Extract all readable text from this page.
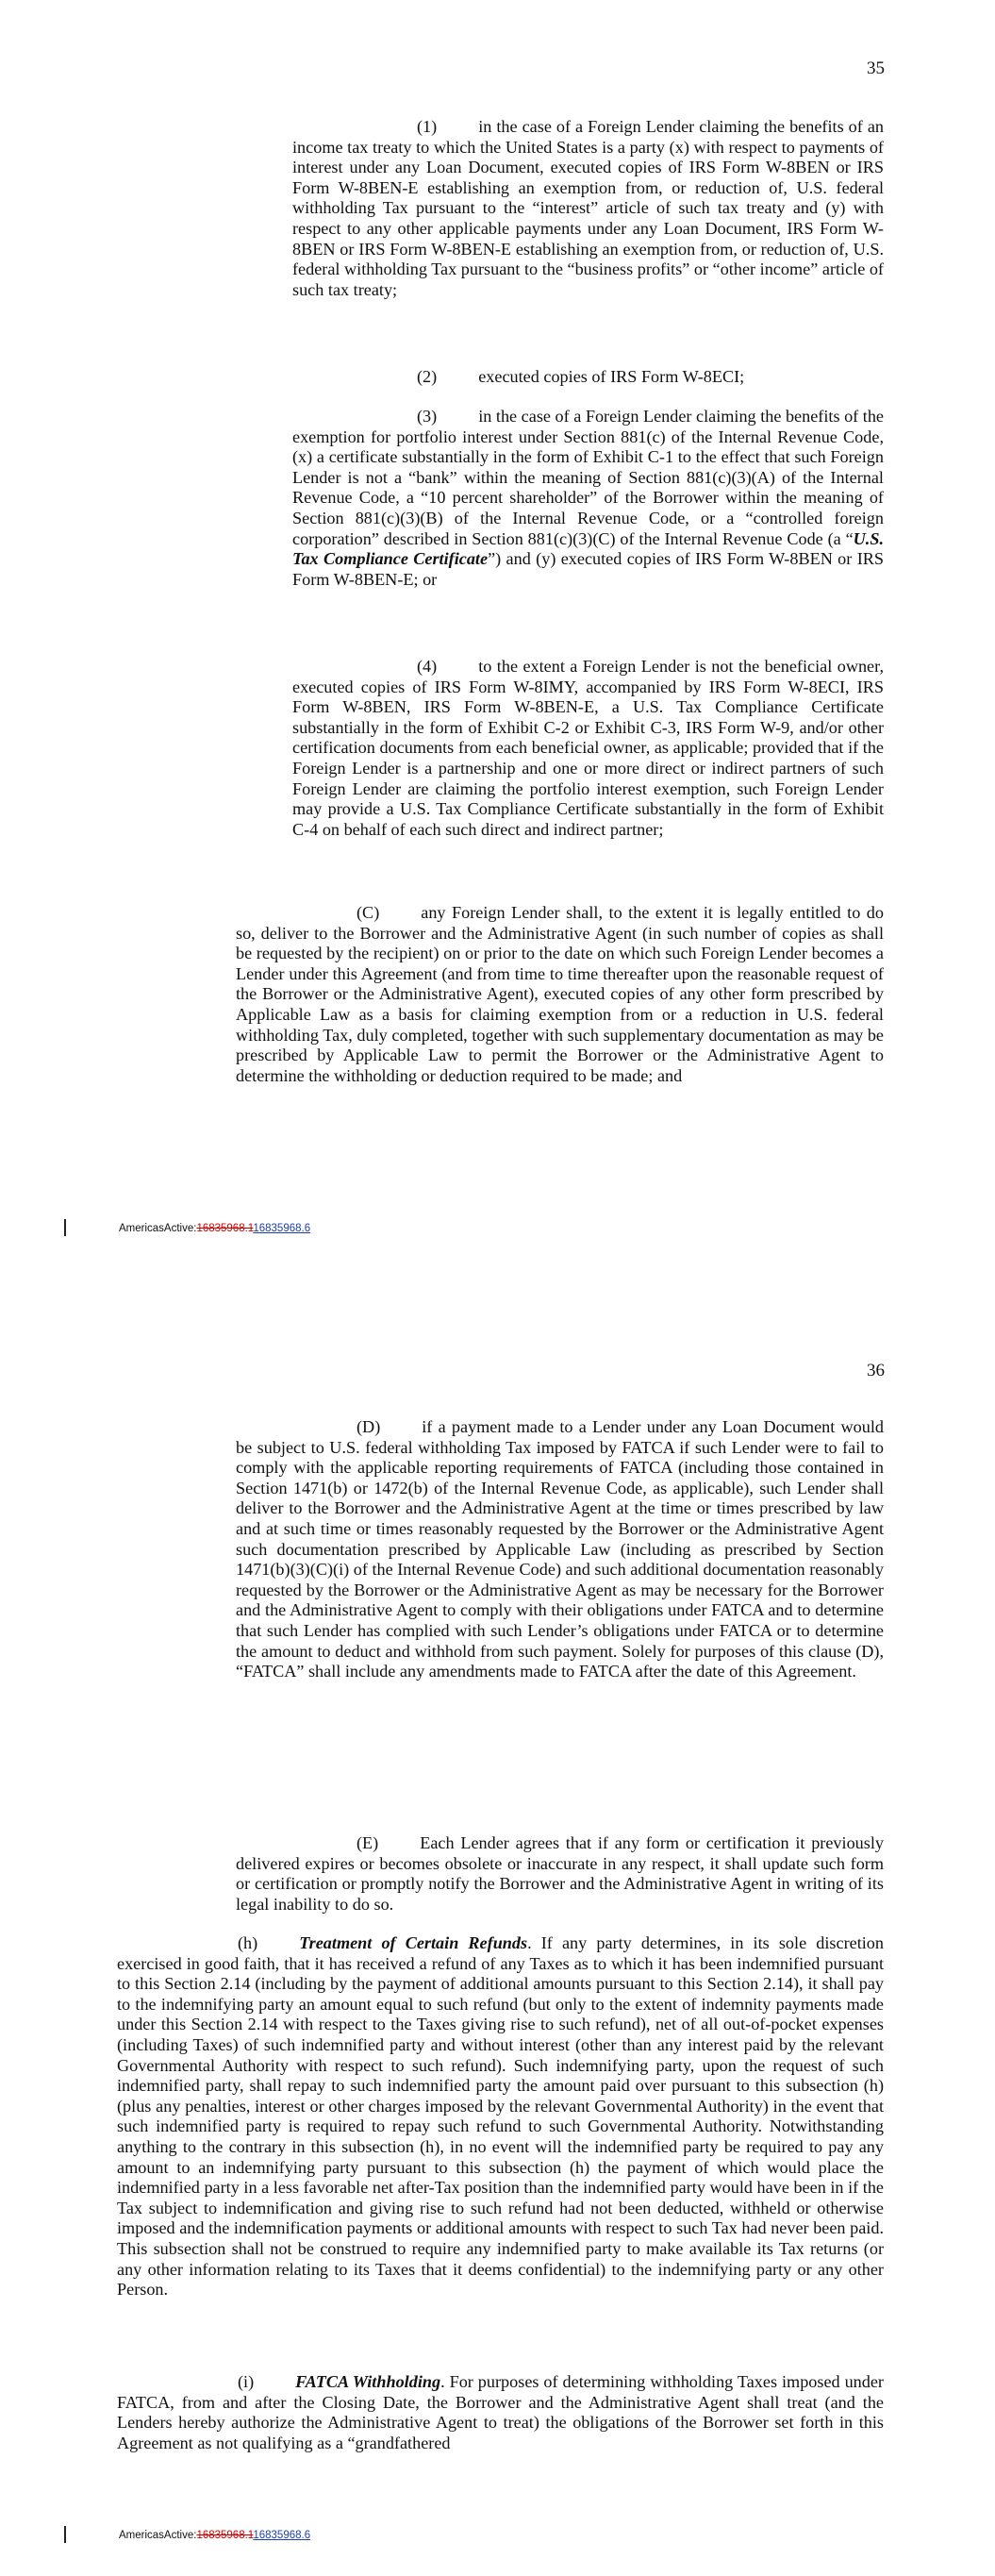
35

(1) in the case of a Foreign Lender claiming the benefits of an income tax treaty to which the United States is a party (x) with respect to payments of interest under any Loan Document, executed copies of IRS Form W-8BEN or IRS Form W-8BEN-E establishing an exemption from, or reduction of, U.S. federal withholding Tax pursuant to the “interest” article of such tax treaty and (y) with respect to any other applicable payments under any Loan Document, IRS Form W-8BEN or IRS Form W-8BEN-E establishing an exemption from, or reduction of, U.S. federal withholding Tax pursuant to the “business profits” or “other income” article of such tax treaty;

(2) executed copies of IRS Form W-8ECI;

(3) in the case of a Foreign Lender claiming the benefits of the exemption for portfolio interest under Section 881(c) of the Internal Revenue Code, (x) a certificate substantially in the form of Exhibit C-1 to the effect that such Foreign Lender is not a “bank” within the meaning of Section 881(c)(3)(A) of the Internal Revenue Code, a “10 percent shareholder” of the Borrower within the meaning of Section 881(c)(3)(B) of the Internal Revenue Code, or a “controlled foreign corporation” described in Section 881(c)(3)(C) of the Internal Revenue Code (a “U.S. Tax Compliance Certificate”) and (y) executed copies of IRS Form W-8BEN or IRS Form W-8BEN-E; or

(4) to the extent a Foreign Lender is not the beneficial owner, executed copies of IRS Form W-8IMY, accompanied by IRS Form W-8ECI, IRS Form W-8BEN, IRS Form W-8BEN-E, a U.S. Tax Compliance Certificate substantially in the form of Exhibit C-2 or Exhibit C-3, IRS Form W-9, and/or other certification documents from each beneficial owner, as applicable; provided that if the Foreign Lender is a partnership and one or more direct or indirect partners of such Foreign Lender are claiming the portfolio interest exemption, such Foreign Lender may provide a U.S. Tax Compliance Certificate substantially in the form of Exhibit C-4 on behalf of each such direct and indirect partner;

(C) any Foreign Lender shall, to the extent it is legally entitled to do so, deliver to the Borrower and the Administrative Agent (in such number of copies as shall be requested by the recipient) on or prior to the date on which such Foreign Lender becomes a Lender under this Agreement (and from time to time thereafter upon the reasonable request of the Borrower or the Administrative Agent), executed copies of any other form prescribed by Applicable Law as a basis for claiming exemption from or a reduction in U.S. federal withholding Tax, duly completed, together with such supplementary documentation as may be prescribed by Applicable Law to permit the Borrower or the Administrative Agent to determine the withholding or deduction required to be made; and

AmericasActive:16835968.116835968.6
36

(D) if a payment made to a Lender under any Loan Document would be subject to U.S. federal withholding Tax imposed by FATCA if such Lender were to fail to comply with the applicable reporting requirements of FATCA (including those contained in Section 1471(b) or 1472(b) of the Internal Revenue Code, as applicable), such Lender shall deliver to the Borrower and the Administrative Agent at the time or times prescribed by law and at such time or times reasonably requested by the Borrower or the Administrative Agent such documentation prescribed by Applicable Law (including as prescribed by Section 1471(b)(3)(C)(i) of the Internal Revenue Code) and such additional documentation reasonably requested by the Borrower or the Administrative Agent as may be necessary for the Borrower and the Administrative Agent to comply with their obligations under FATCA and to determine that such Lender has complied with such Lender’s obligations under FATCA or to determine the amount to deduct and withhold from such payment. Solely for purposes of this clause (D), “FATCA” shall include any amendments made to FATCA after the date of this Agreement.

(E) Each Lender agrees that if any form or certification it previously delivered expires or becomes obsolete or inaccurate in any respect, it shall update such form or certification or promptly notify the Borrower and the Administrative Agent in writing of its legal inability to do so.

(h) Treatment of Certain Refunds. If any party determines, in its sole discretion exercised in good faith, that it has received a refund of any Taxes as to which it has been indemnified pursuant to this Section 2.14 (including by the payment of additional amounts pursuant to this Section 2.14), it shall pay to the indemnifying party an amount equal to such refund (but only to the extent of indemnity payments made under this Section 2.14 with respect to the Taxes giving rise to such refund), net of all out-of-pocket expenses (including Taxes) of such indemnified party and without interest (other than any interest paid by the relevant Governmental Authority with respect to such refund). Such indemnifying party, upon the request of such indemnified party, shall repay to such indemnified party the amount paid over pursuant to this subsection (h) (plus any penalties, interest or other charges imposed by the relevant Governmental Authority) in the event that such indemnified party is required to repay such refund to such Governmental Authority. Notwithstanding anything to the contrary in this subsection (h), in no event will the indemnified party be required to pay any amount to an indemnifying party pursuant to this subsection (h) the payment of which would place the indemnified party in a less favorable net after-Tax position than the indemnified party would have been in if the Tax subject to indemnification and giving rise to such refund had not been deducted, withheld or otherwise imposed and the indemnification payments or additional amounts with respect to such Tax had never been paid. This subsection shall not be construed to require any indemnified party to make available its Tax returns (or any other information relating to its Taxes that it deems confidential) to the indemnifying party or any other Person.

(i) FATCA Withholding. For purposes of determining withholding Taxes imposed under FATCA, from and after the Closing Date, the Borrower and the Administrative Agent shall treat (and the Lenders hereby authorize the Administrative Agent to treat) the obligations of the Borrower set forth in this Agreement as not qualifying as a “grandfathered

AmericasActive:16835968.116835968.6
